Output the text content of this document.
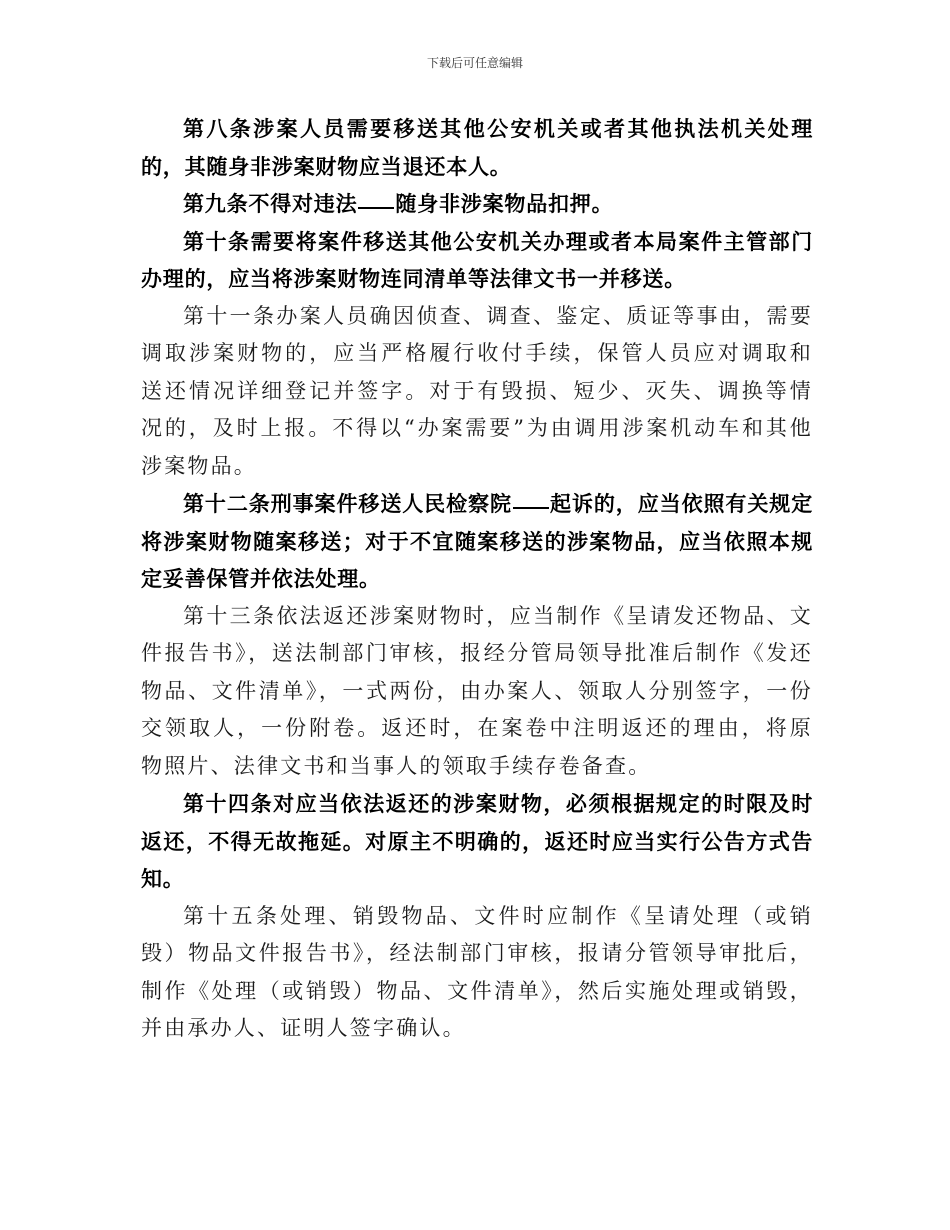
下载后可任意编辑

第八条涉案人员需要移送其他公安机关或者其他执法机关处理的，其随身非涉案财物应当退还本人。

第九条不得对违法 随身非涉案物品扣押。

第十条需要将案件移送其他公安机关办理或者本局案件主管部门办理的，应当将涉案财物连同清单等法律文书一并移送。

第十一条办案人员确因侦查、调查、鉴定、质证等事由，需要调取涉案财物的，应当严格履行收付手续，保管人员应对调取和送还情况详细登记并签字。对于有毁损、短少、灭失、调换等情况的，及时上报。不得以“办案需要”为由调用涉案机动车和其他涉案物品。

第十二条刑事案件移送人民检察院 起诉的，应当依照有关规定将涉案财物随案移送；对于不宜随案移送的涉案物品，应当依照本规定妥善保管并依法处理。

第十三条依法返还涉案财物时，应当制作《呈请发还物品、文件报告书》，送法制部门审核，报经分管局领导批准后制作《发还物品、文件清单》，一式两份，由办案人、领取人分别签字，一份交领取人，一份附卷。返还时，在案卷中注明返还的理由，将原物照片、法律文书和当事人的领取手续存卷备查。

第十四条对应当依法返还的涉案财物，必须根据规定的时限及时返还，不得无故拖延。对原主不明确的，返还时应当实行公告方式告知。

第十五条处理、销毁物品、文件时应制作《呈请处理（或销毁）物品文件报告书》，经法制部门审核，报请分管领导审批后，制作《处理（或销毁）物品、文件清单》，然后实施处理或销毁，并由承办人、证明人签字确认。
